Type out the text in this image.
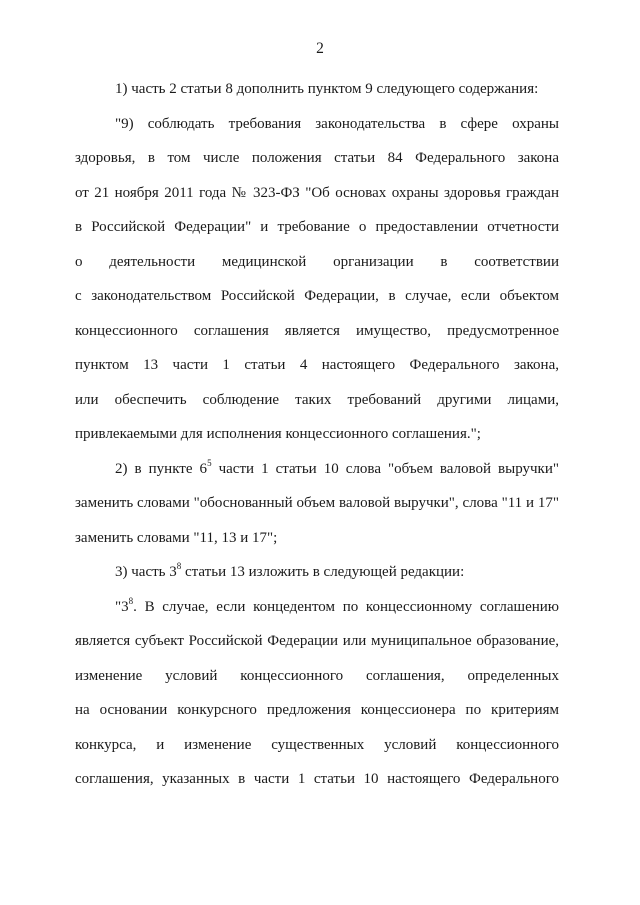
2
1) часть 2 статьи 8 дополнить пунктом 9 следующего содержания:
"9) соблюдать требования законодательства в сфере охраны
здоровья, в том числе положения статьи 84 Федерального закона
от 21 ноября 2011 года № 323-ФЗ "Об основах охраны здоровья граждан
в Российской Федерации" и требование о предоставлении отчетности
о деятельности медицинской организации в соответствии
с законодательством Российской Федерации, в случае, если объектом
концессионного соглашения является имущество, предусмотренное
пунктом 13 части 1 статьи 4 настоящего Федерального закона,
или обеспечить соблюдение таких требований другими лицами,
привлекаемыми для исполнения концессионного соглашения.";
2) в пункте $6^5$ части 1 статьи 10 слова "объем валовой выручки"
заменить словами "обоснованный объем валовой выручки", слова "11 и 17"
заменить словами "11, 13 и 17";
3) часть $3^8$ статьи 13 изложить в следующей редакции:
"$3^8$. В случае, если концедентом по концессионному соглашению
является субъект Российской Федерации или муниципальное образование,
изменение условий концессионного соглашения, определенных
на основании конкурсного предложения концессионера по критериям
конкурса, и изменение существенных условий концессионного
соглашения, указанных в части 1 статьи 10 настоящего Федерального
